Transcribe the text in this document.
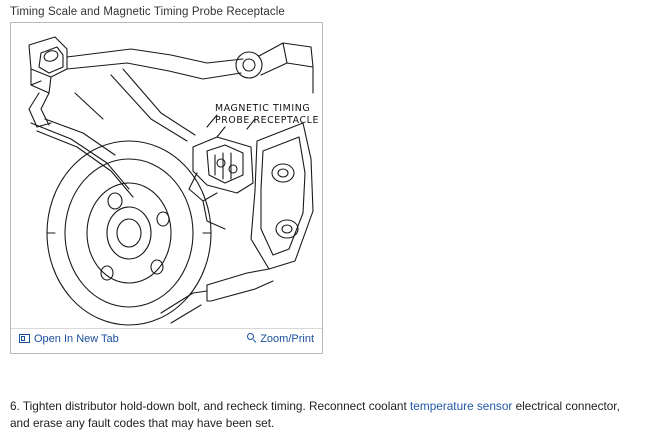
Timing Scale and Magnetic Timing Probe Receptacle
MAGNETIC TIMING
PROBE RECEPTACLE
Open In New Tab	Zoom/Print
6. Tighten distributor hold-down bolt, and recheck timing. Reconnect coolant temperature sensor electrical connector, and erase any fault codes that may have been set.
